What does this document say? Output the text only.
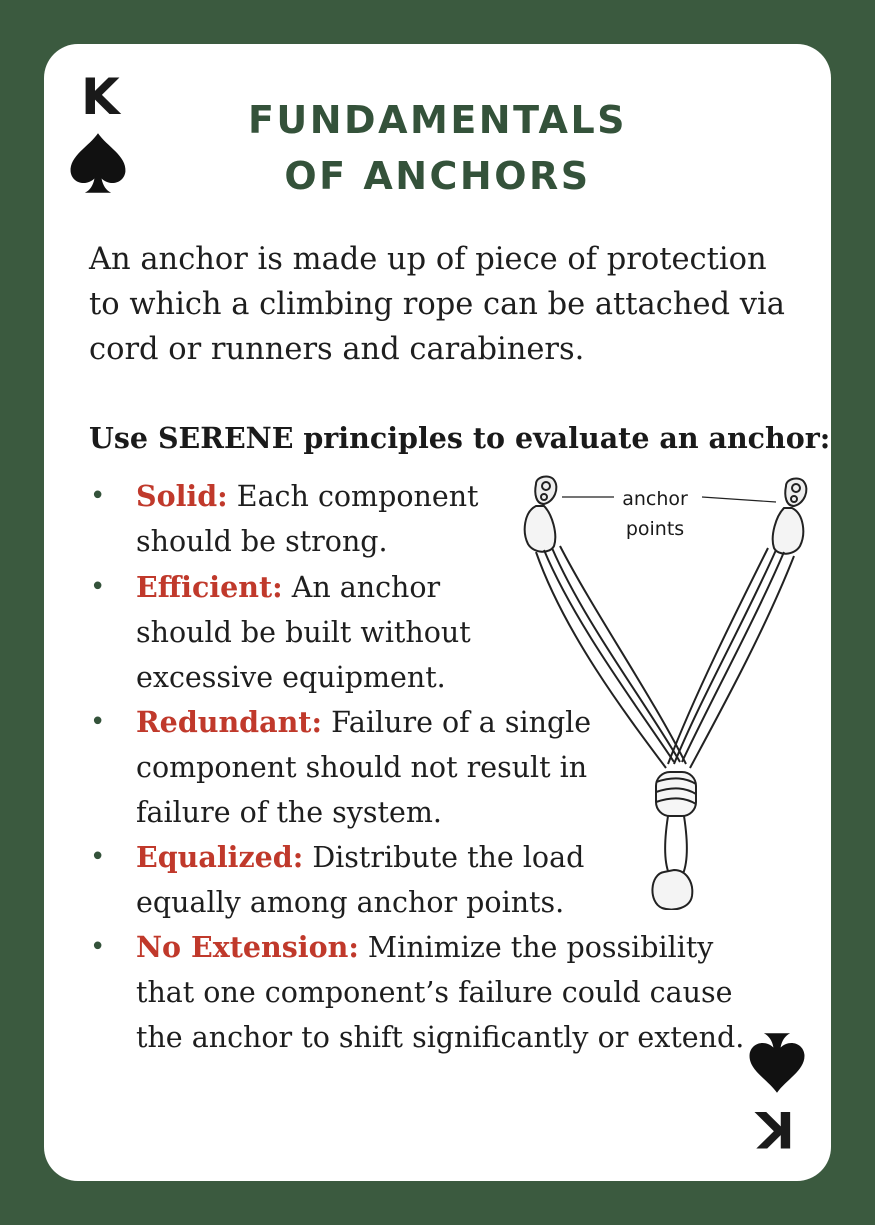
K	FUNDAMENTALS
OF ANCHORS
An anchor is made up of piece of protection to which a climbing rope can be attached via cord or runners and carabiners.
Use SERENE principles to evaluate an anchor:
• Solid: Each component should be strong.
• Efficient: An anchor should be built without excessive equipment.
• Redundant: Failure of a single component should not result in failure of the system.
• Equalized: Distribute the load equally among anchor points.
• No Extension: Minimize the possibility that one component’s failure could cause the anchor to shift significantly or extend.
anchor points
K
